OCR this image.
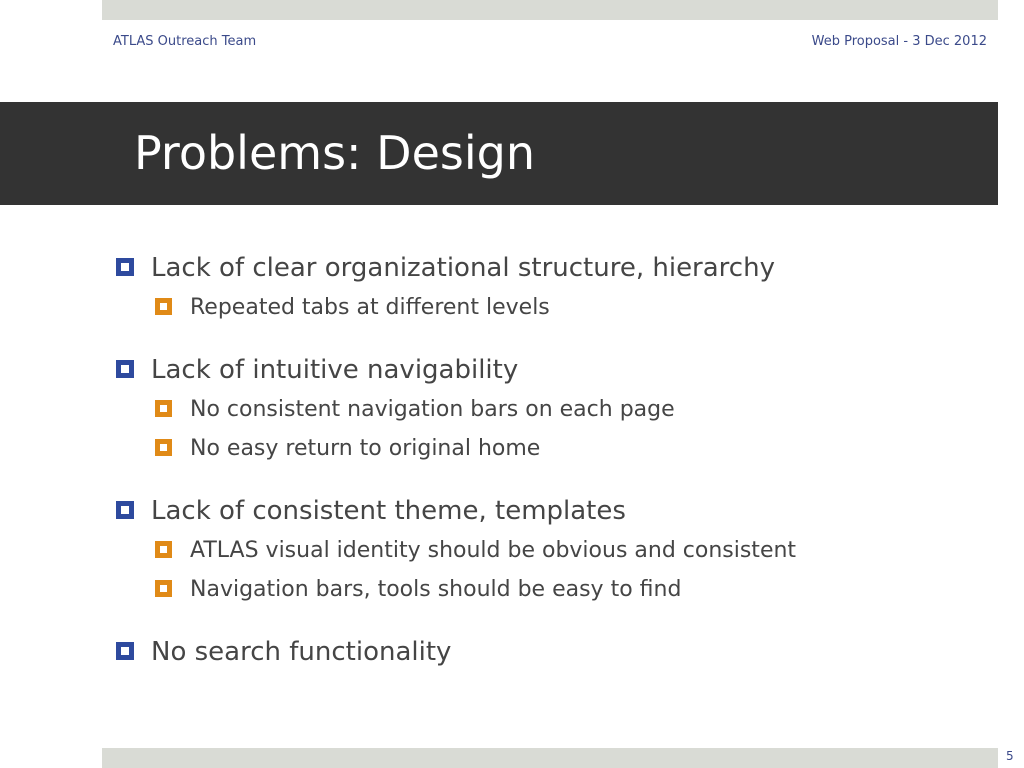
ATLAS Outreach Team	Web Proposal - 3 Dec 2012
Problems: Design
Lack of clear organizational structure, hierarchy
Repeated tabs at different levels
Lack of intuitive navigability
No consistent navigation bars on each page
No easy return to original home
Lack of consistent theme, templates
ATLAS visual identity should be obvious and consistent
Navigation bars, tools should be easy to find
No search functionality
5
